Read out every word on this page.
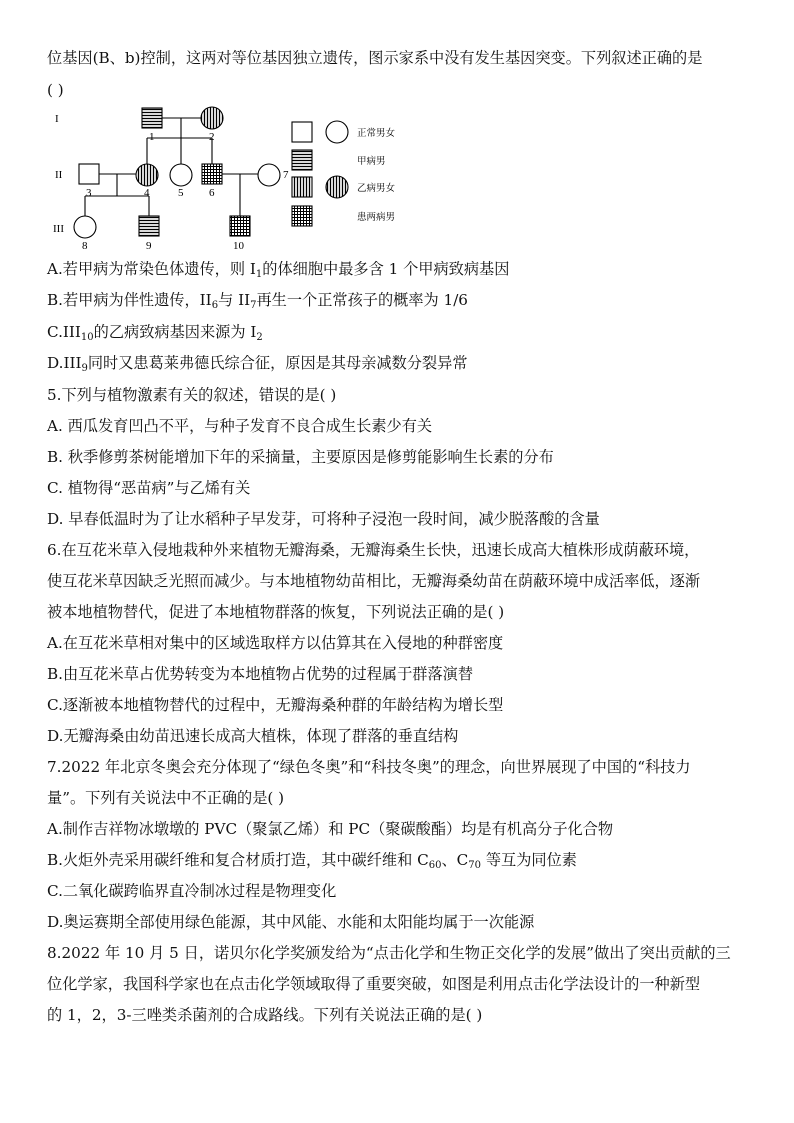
位基因(B、b)控制，这两对等位基因独立遗传，图示家系中没有发生基因突变。下列叙述正确的是
( )
I
II
III
1	2
3	4	5 6
7
8	9	10
正常男女
甲病男
乙病男女
患两病男
A.若甲病为常染色体遗传，则 $I_1$的体细胞中最多含 1 个甲病致病基因
B.若甲病为伴性遗传，$II_6$与 $II_7$再生一个正常孩子的概率为 1/6
$C.III_{10}$的乙病致病基因来源为 $I_2$
$D.III_9$同时又患葛莱弗德氏综合征，原因是其母亲减数分裂异常
5.下列与植物激素有关的叙述，错误的是( )
A. 西瓜发育凹凸不平，与种子发育不良合成生长素少有关
B. 秋季修剪茶树能增加下年的采摘量，主要原因是修剪能影响生长素的分布
C. 植物得“恶苗病”与乙烯有关
D. 早春低温时为了让水稻种子早发芽，可将种子浸泡一段时间，减少脱落酸的含量
6.在互花米草入侵地栽种外来植物无瓣海桑，无瓣海桑生长快，迅速长成高大植株形成荫蔽环境，
使互花米草因缺乏光照而减少。与本地植物幼苗相比，无瓣海桑幼苗在荫蔽环境中成活率低，逐渐
被本地植物替代，促进了本地植物群落的恢复，下列说法正确的是( )
A.在互花米草相对集中的区域选取样方以估算其在入侵地的种群密度
B.由互花米草占优势转变为本地植物占优势的过程属于群落演替
C.逐渐被本地植物替代的过程中，无瓣海桑种群的年龄结构为增长型
D.无瓣海桑由幼苗迅速长成高大植株，体现了群落的垂直结构
7.2022 年北京冬奥会充分体现了“绿色冬奥”和“科技冬奥”的理念，向世界展现了中国的“科技力
量”。下列有关说法中不正确的是( )
A.制作吉祥物冰墩墩的 PVC（聚氯乙烯）和 PC（聚碳酸酯）均是有机高分子化合物
B.火炬外壳采用碳纤维和复合材质打造，其中碳纤维和 $C_{60}$、$C_{70}$ 等互为同位素
C.二氧化碳跨临界直冷制冰过程是物理变化
D.奥运赛期全部使用绿色能源，其中风能、水能和太阳能均属于一次能源
8.2022 年 10 月 5 日，诺贝尔化学奖颁发给为“点击化学和生物正交化学的发展”做出了突出贡献的三
位化学家，我国科学家也在点击化学领域取得了重要突破，如图是利用点击化学法设计的一种新型
的 1，2，3-三唑类杀菌剂的合成路线。下列有关说法正确的是( )
